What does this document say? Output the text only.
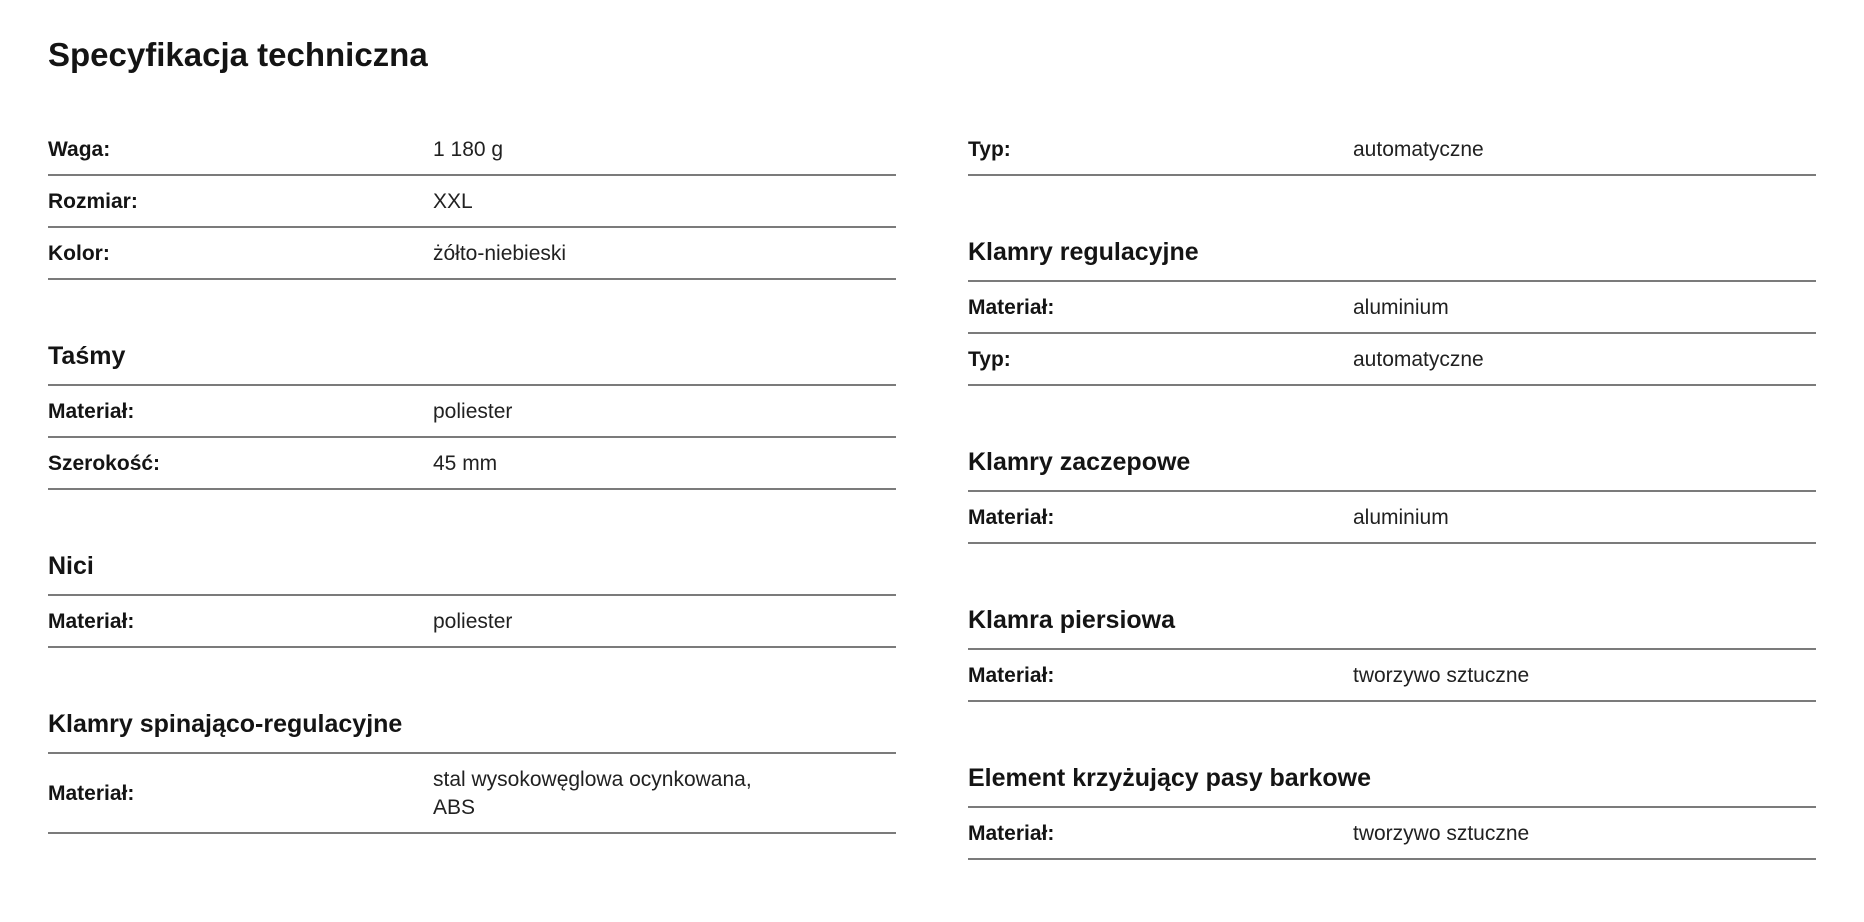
Specyfikacja techniczna
Waga:	1 180 g
Rozmiar:	XXL
Kolor:	żółto-niebieski
Taśmy
Materiał:	poliester
Szerokość:	45 mm
Nici
Materiał:	poliester
Klamry spinająco-regulacyjne
Materiał:
stal wysokowęglowa ocynkowana, ABS
Typ:	automatyczne
Klamry regulacyjne
Materiał:	aluminium
Typ:	automatyczne
Klamry zaczepowe
Materiał:	aluminium
Klamra piersiowa
Materiał:	tworzywo sztuczne
Element krzyżujący pasy barkowe
Materiał:	tworzywo sztuczne
